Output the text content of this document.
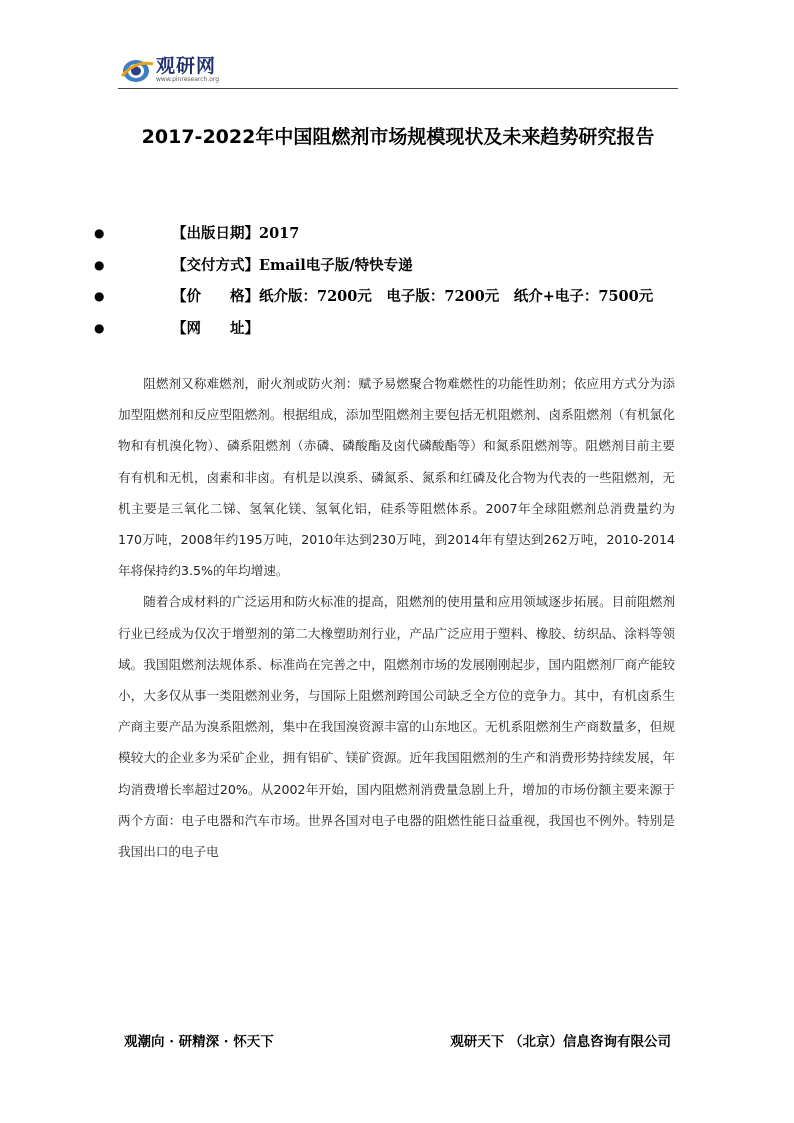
观研网
www.pinresearch.org
2017-2022年中国阻燃剂市场规模现状及未来趋势研究报告
●	【出版日期】2017
●	【交付方式】Email电子版/特快专递
●	【价　　格】纸介版：7200元　电子版：7200元　纸介+电子：7500元
●	【网　　址】

阻燃剂又称难燃剂，耐火剂或防火剂：赋予易燃聚合物难燃性的功能性助剂；依应用方式分为添加型阻燃剂和反应型阻燃剂。根据组成，添加型阻燃剂主要包括无机阻燃剂、卤系阻燃剂（有机氯化物和有机溴化物）、磷系阻燃剂（赤磷、磷酸酯及卤代磷酸酯等）和氮系阻燃剂等。阻燃剂目前主要有有机和无机，卤素和非卤。有机是以溴系、磷氮系、氮系和红磷及化合物为代表的一些阻燃剂，无机主要是三氧化二锑、氢氧化镁、氢氧化铝，硅系等阻燃体系。2007年全球阻燃剂总消费量约为170万吨，2008年约195万吨，2010年达到230万吨，到2014年有望达到262万吨，2010-2014年将保持约3.5%的年均增速。

随着合成材料的广泛运用和防火标准的提高，阻燃剂的使用量和应用领域逐步拓展。目前阻燃剂行业已经成为仅次于增塑剂的第二大橡塑助剂行业，产品广泛应用于塑料、橡胶、纺织品、涂料等领域。我国阻燃剂法规体系、标准尚在完善之中，阻燃剂市场的发展刚刚起步，国内阻燃剂厂商产能较小，大多仅从事一类阻燃剂业务，与国际上阻燃剂跨国公司缺乏全方位的竞争力。其中，有机卤系生产商主要产品为溴系阻燃剂，集中在我国溴资源丰富的山东地区。无机系阻燃剂生产商数量多，但规模较大的企业多为采矿企业，拥有铝矿、镁矿资源。近年我国阻燃剂的生产和消费形势持续发展，年均消费增长率超过20%。从2002年开始，国内阻燃剂消费量急剧上升，增加的市场份额主要来源于两个方面：电子电器和汽车市场。世界各国对电子电器的阻燃性能日益重视，我国也不例外。特别是我国出口的电子电

观潮向 · 研精深 · 怀天下	观研天下 （北京）信息咨询有限公司
